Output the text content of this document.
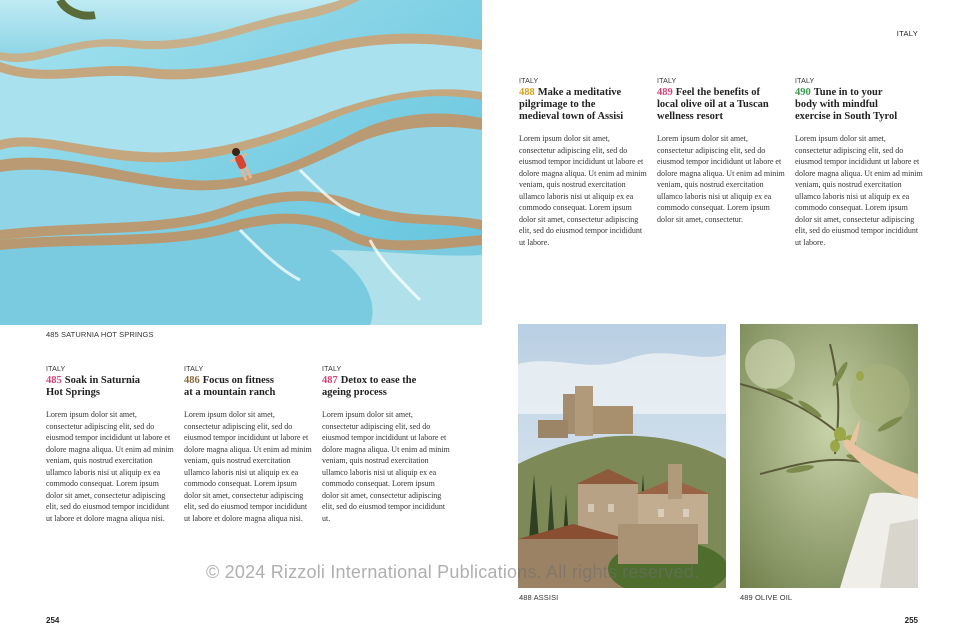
485 SATURNIA HOT SPRINGS
ITALY
485 Soak in Saturnia
Hot Springs
Lorem ipsum dolor sit amet, consectetur adipiscing elit, sed do eiusmod tempor incididunt ut labore et dolore magna aliqua. Ut enim ad minim veniam, quis nostrud exercitation ullamco laboris nisi ut aliquip ex ea commodo consequat. Lorem ipsum dolor sit amet, consectetur adipiscing elit, sed do eiusmod tempor incididunt ut labore et dolore magna aliqua nisi.
ITALY
486 Focus on fitness
at a mountain ranch
Lorem ipsum dolor sit amet, consectetur adipiscing elit, sed do eiusmod tempor incididunt ut labore et dolore magna aliqua. Ut enim ad minim veniam, quis nostrud exercitation ullamco laboris nisi ut aliquip ex ea commodo consequat. Lorem ipsum dolor sit amet, consectetur adipiscing elit, sed do eiusmod tempor incididunt ut labore et dolore magna aliqua nisi.
ITALY
487 Detox to ease the
ageing process
Lorem ipsum dolor sit amet, consectetur adipiscing elit, sed do eiusmod tempor incididunt ut labore et dolore magna aliqua. Ut enim ad minim veniam, quis nostrud exercitation ullamco laboris nisi ut aliquip ex ea commodo consequat. Lorem ipsum dolor sit amet, consectetur adipiscing elit, sed do eiusmod tempor incididunt ut.
254
ITALY
ITALY
488 Make a meditative
pilgrimage to the
medieval town of Assisi
Lorem ipsum dolor sit amet, consectetur adipiscing elit, sed do eiusmod tempor incididunt ut labore et dolore magna aliqua. Ut enim ad minim veniam, quis nostrud exercitation ullamco laboris nisi ut aliquip ex ea commodo consequat. Lorem ipsum dolor sit amet, consectetur adipiscing elit, sed do eiusmod tempor incididunt ut labore.
ITALY
489 Feel the benefits of
local olive oil at a Tuscan
wellness resort
Lorem ipsum dolor sit amet, consectetur adipiscing elit, sed do eiusmod tempor incididunt ut labore et dolore magna aliqua. Ut enim ad minim veniam, quis nostrud exercitation ullamco laboris nisi ut aliquip ex ea commodo consequat. Lorem ipsum dolor sit amet, consectetur.
ITALY
490 Tune in to your
body with mindful
exercise in South Tyrol
Lorem ipsum dolor sit amet, consectetur adipiscing elit, sed do eiusmod tempor incididunt ut labore et dolore magna aliqua. Ut enim ad minim veniam, quis nostrud exercitation ullamco laboris nisi ut aliquip ex ea commodo consequat. Lorem ipsum dolor sit amet, consectetur adipiscing elit, sed do eiusmod tempor incididunt ut labore.
488 ASSISI	489 OLIVE OIL
255
© 2024 Rizzoli International Publications. All rights reserved.
